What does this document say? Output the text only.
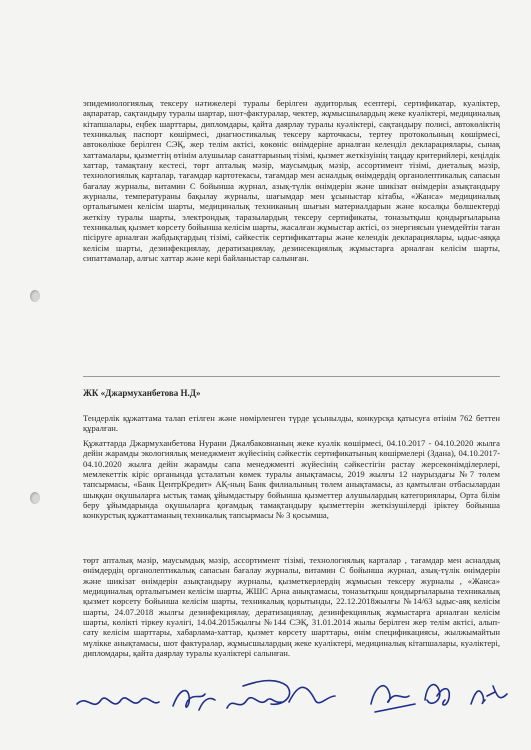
эпидемиологиялық тексеру нәтижелері туралы берілген аудиторлық есептері, сертификатар, куәліктер, ақпаратар, сақтандыру туралы шартар, шот-фактуралар, чектер, жұмысшылардың жеке куәліктері, медициналық кітапшалары, еңбек шарттары, дипломдары, қайта даярлау туралы куәліктері, сақтандыру полисі, автокөліктің техникалық паспорт көшірмесі, диагностикалық тексеру карточкасы, тертеу протоколының көшірмесі, автокөлікке берілген СЭҚ, жер телім актісі, көкөніс өнімдеріне арналған келенділ декларациялары, сынақ хаттамалары, қызметтің өтінім алушылар санаттарының тізімі, қызмет жеткізуінің таңдау критерийлері, кеңілдік хаттар, тамақтану кестесі, төрт апталық мәзір, маусымдық мәзір, ассортимент тізімі, диеталық мәзір, технологиялық карталар, тағамдар картотекасы, тағамдар мен асналдық өнімдердің органолептикалық сапасын бағалау журналы, витамин С бойынша журнал, азық-түлік өнімдерін және шикізат өнімдерін азықтандыру журналы, температураны бақылау журналы, шағымдар мен ұсыныстар кітабы, «Жанса» медициналық орталығымен келісім шарты, медициналық техниканың шығын материалдарын және косалқы бөлшектерді жеткізу туралы шарты, электрондық таразылардың тексеру сертификаты, тоназытқыш қондырғыларына техникалық қызмет көрсету бойынша келісім шарты, жасалған жұмыстар актісі, оз энергиясын үнемдейтін таған пісіруге арналған жабдықтардың тізімі, сәйкестік сертификаттары және келендік декларациялары, ыдыс-аяққа келісім шарты, дезинфекциялау, дератизациялау, дезинсекциялық жұмыстарға арналған келісім шарты, сипаттамалар, алғыс хаттар және кері байланыстар салынған.

ЖК «Джармуханбетова Н.Д»

Тендерлік құжаттама талап етілген және нөмірленген түрде ұсынылды, конкурсқа қатысуға өтінім 762 беттен құралған.

Құжаттарда Джармуханбетова Нурани Джалбаковнаның жеке куәлік көшірмесі, 04.10.2017 - 04.10.2020 жылға дейін жарамды экологиялық менеджмент жүйесінің сәйкестік сертификатының көшірмелері (Здана), 04.10.2017- 04.10.2020 жылға дейін жарамды сапа менеджменті жүйесінің сәйкестігін растау жерсекөнімділерлері, мемлекеттік кіріс органында ұсталатын көмек туралы анықтамасы, 2019 жылғы 12 наурыздағы №7 төлем тапсырмасы, «Банк ЦентрКредит» АҚ-ның Банк филиалының төлем анықтамасы, аз қамтылған отбасылардан шыққан оқушыларға ыстық тамақ ұйымдастыру бойынша қызметтер алушылардың категориялары, Орта білім беру ұйымдарында оқушыларға қоғамдық тамақтандыру қызметтерін жеткізушілерді іріктеу бойынша конкурстық құжаттаманың техникалық тапсырмасы № 3 қосымша,

төрт апталық мәзір, маусымдық мәзір, ассортимент тізімі, технологиялық карталар , тағамдар мен асналдық өнімдердің органолептикалық сапасын бағалау журналы, витамин С бойынша журнал, азық-түлік өнімдерін және шикізат өнімдерін азықтандыру журналы, қызметкерлердің жұмысын тексеру журналы , «Жанса» медициналық орталығымен келісім шарты, ЖШС Арна анықтамасы, тоназытқыш қондырғыларына техникалық қызмет көрсету бойынша келісім шарты, техникалық қорытынды, 22.12.2018жылғы №14/63 ыдыс-аяқ келісім шарты, 24.07.2018 жылғы дезинфекциялау, дератизациялау, дезинфекциялық жұмыстарға арналған келісім шарты, көлікті тіркеу куәлігі, 14.04.2015жылғы №144 СЭҚ, 31.01.2014 жылы берілген жер телім актісі, алып-сату келісім шарттары, хабарлама-хаттар, қызмет көрсету шарттары, өнім спецификациясы, жылжымайтын мүлікке анықтамасы, шот фактуралар, жұмысшылардың жеке куәліктері, медициналық кітапшалары, куәліктері, дипломдары, қайта даярлау туралы куәліктері салынған.
